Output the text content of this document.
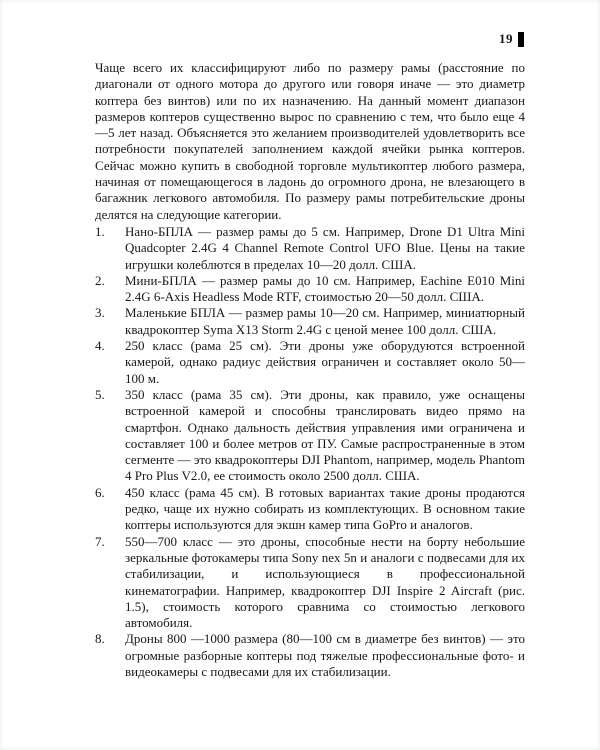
19

Чаще всего их классифицируют либо по размеру рамы (расстояние по диагонали от одного мотора до другого или говоря иначе — это диаметр коптера без винтов) или по их назначению. На данный момент диапазон размеров коптеров существенно вырос по сравнению с тем, что было еще 4—5 лет назад. Объясняется это желанием производителей удовлетворить все потребности покупателей заполнением каждой ячейки рынка коптеров. Сейчас можно купить в свободной торговле мультикоптер любого размера, начиная от помещающегося в ладонь до огромного дрона, не влезающего в багажник легкового автомобиля. По размеру рамы потребительские дроны делятся на следующие категории.

1.	Нано-БПЛА — размер рамы до 5 см. Например, Drone D1 Ultra Mini Quadcopter 2.4G 4 Channel Remote Control UFO Blue. Цены на такие игрушки колеблются в пределах 10—20 долл. США.
2.	Мини-БПЛА — размер рамы до 10 см. Например, Eachine E010 Mini 2.4G 6-Axis Headless Mode RTF, стоимостью 20—50 долл. США.
3.	Маленькие БПЛА — размер рамы 10—20 см. Например, миниатюрный квадрокоптер Syma X13 Storm 2.4G с ценой менее 100 долл. США.
4.	250 класс (рама 25 см). Эти дроны уже оборудуются встроенной камерой, однако радиус действия ограничен и составляет около 50—100 м.
5.	350 класс (рама 35 см). Эти дроны, как правило, уже оснащены встроенной камерой и способны транслировать видео прямо на смартфон. Однако дальность действия управления ими ограничена и составляет 100 и более метров от ПУ. Самые распространенные в этом сегменте — это квадрокоптеры DJI Phantom, например, модель Phantom 4 Pro Plus V2.0, ее стоимость около 2500 долл. США.
6.	450 класс (рама 45 см). В готовых вариантах такие дроны продаются редко, чаще их нужно собирать из комплектующих. В основном такие коптеры используются для экшн камер типа GoPro и аналогов.
7.	550—700 класс — это дроны, способные нести на борту небольшие зеркальные фотокамеры типа Sony nex 5n и аналоги с подвесами для их стабилизации, и использующиеся в профессиональной кинематографии. Например, квадрокоптер DJI Inspire 2 Aircraft (рис. 1.5), стоимость которого сравнима со стоимостью легкового автомобиля.
8.	Дроны 800 —1000 размера (80—100 см в диаметре без винтов) — это огромные разборные коптеры под тяжелые профессиональные фото- и видеокамеры с подвесами для их стабилизации.
